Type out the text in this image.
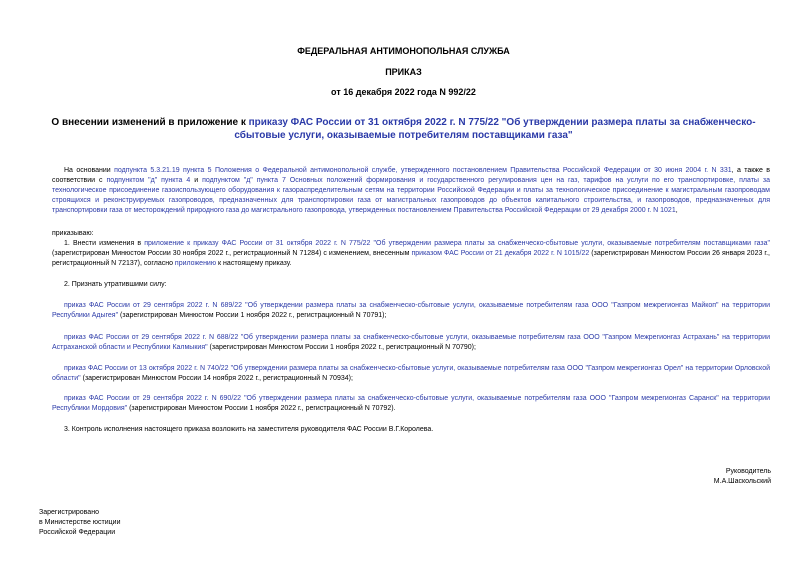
ФЕДЕРАЛЬНАЯ АНТИМОНОПОЛЬНАЯ СЛУЖБА
ПРИКАЗ
от 16 декабря 2022 года N 992/22
О внесении изменений в приложение к приказу ФАС России от 31 октября 2022 г. N 775/22 "Об утверждении размера платы за снабженческо-сбытовые услуги, оказываемые потребителям поставщиками газа"
На основании подпункта 5.3.21.19 пункта 5 Положения о Федеральной антимонопольной службе, утвержденного постановлением Правительства Российской Федерации от 30 июня 2004 г. N 331, а также в соответствии с подпунктом "д" пункта 4 и подпунктом "д" пункта 7 Основных положений формирования и государственного регулирования цен на газ, тарифов на услуги по его транспортировке, платы за технологическое присоединение газоиспользующего оборудования к газораспределительным сетям на территории Российской Федерации и платы за технологическое присоединение к магистральным газопроводам строящихся и реконструируемых газопроводов, предназначенных для транспортировки газа от магистральных газопроводов до объектов капитального строительства, и газопроводов, предназначенных для транспортировки газа от месторождений природного газа до магистрального газопровода, утвержденных постановлением Правительства Российской Федерации от 29 декабря 2000 г. N 1021,
приказываю:
1. Внести изменения в приложение к приказу ФАС России от 31 октября 2022 г. N 775/22 "Об утверждении размера платы за снабженческо-сбытовые услуги, оказываемые потребителям поставщиками газа" (зарегистрирован Минюстом России 30 ноября 2022 г., регистрационный N 71284) с изменением, внесенным приказом ФАС России от 21 декабря 2022 г. N 1015/22 (зарегистрирован Минюстом России 26 января 2023 г., регистрационный N 72137), согласно приложению к настоящему приказу.
2. Признать утратившими силу:
приказ ФАС России от 29 сентября 2022 г. N 689/22 "Об утверждении размера платы за снабженческо-сбытовые услуги, оказываемые потребителям газа ООО "Газпром межрегионгаз Майкоп" на территории Республики Адыгея" (зарегистрирован Минюстом России 1 ноября 2022 г., регистрационный N 70791);
приказ ФАС России от 29 сентября 2022 г. N 688/22 "Об утверждении размера платы за снабженческо-сбытовые услуги, оказываемые потребителям газа ООО "Газпром Межрегионгаз Астрахань" на территории Астраханской области и Республики Калмыкия" (зарегистрирован Минюстом России 1 ноября 2022 г., регистрационный N 70790);
приказ ФАС России от 13 октября 2022 г. N 740/22 "Об утверждении размера платы за снабженческо-сбытовые услуги, оказываемые потребителям газа ООО "Газпром межрегионгаз Орел" на территории Орловской области" (зарегистрирован Минюстом России 14 ноября 2022 г., регистрационный N 70934);
приказ ФАС России от 29 сентября 2022 г. N 690/22 "Об утверждении размера платы за снабженческо-сбытовые услуги, оказываемые потребителям газа ООО "Газпром межрегионгаз Саранск" на территории Республики Мордовия" (зарегистрирован Минюстом России 1 ноября 2022 г., регистрационный N 70792).
3. Контроль исполнения настоящего приказа возложить на заместителя руководителя ФАС России В.Г.Королева.
Руководитель
М.А.Шаскольский
Зарегистрировано
в Министерстве юстиции
Российской Федерации
